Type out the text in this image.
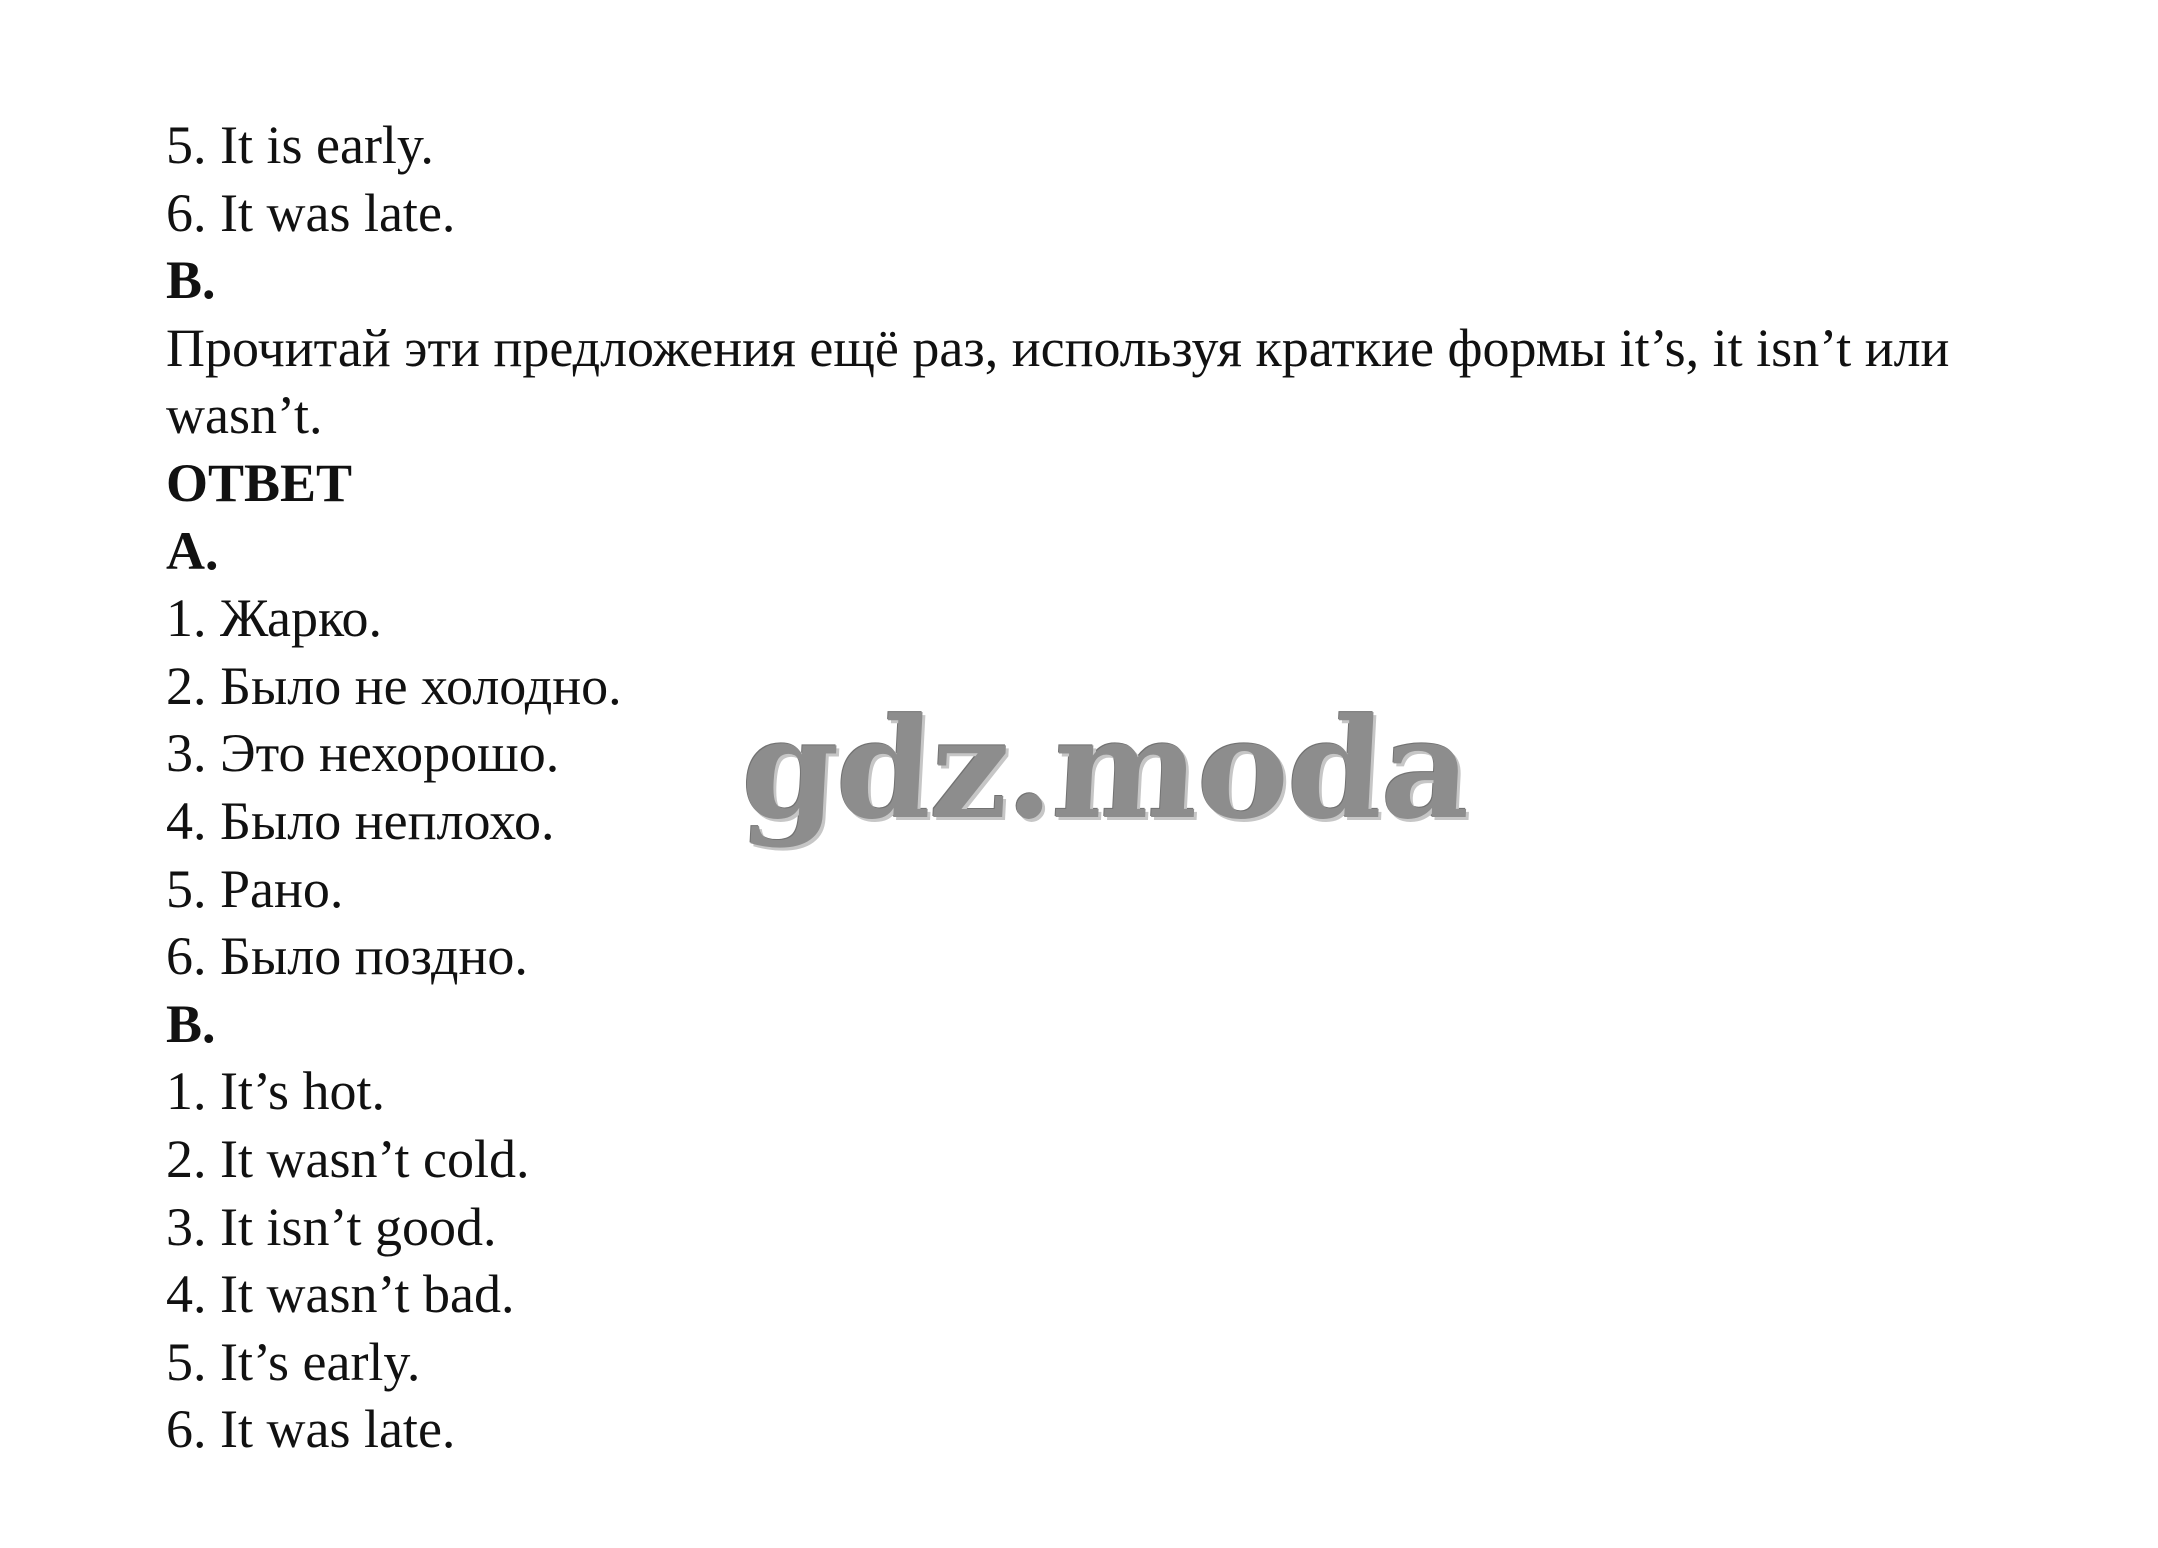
5. It is early.
6. It was late.
B.
Прочитай эти предложения ещё раз, используя краткие формы it’s, it isn’t или wasn’t.
ОТВЕТ
A.
1. Жарко.
2. Было не холодно.
3. Это нехорошо.
4. Было неплохо.
5. Рано.
6. Было поздно.
B.
1. It’s hot.
2. It wasn’t cold.
3. It isn’t good.
4. It wasn’t bad.
5. It’s early.
6. It was late.
gdz.moda
